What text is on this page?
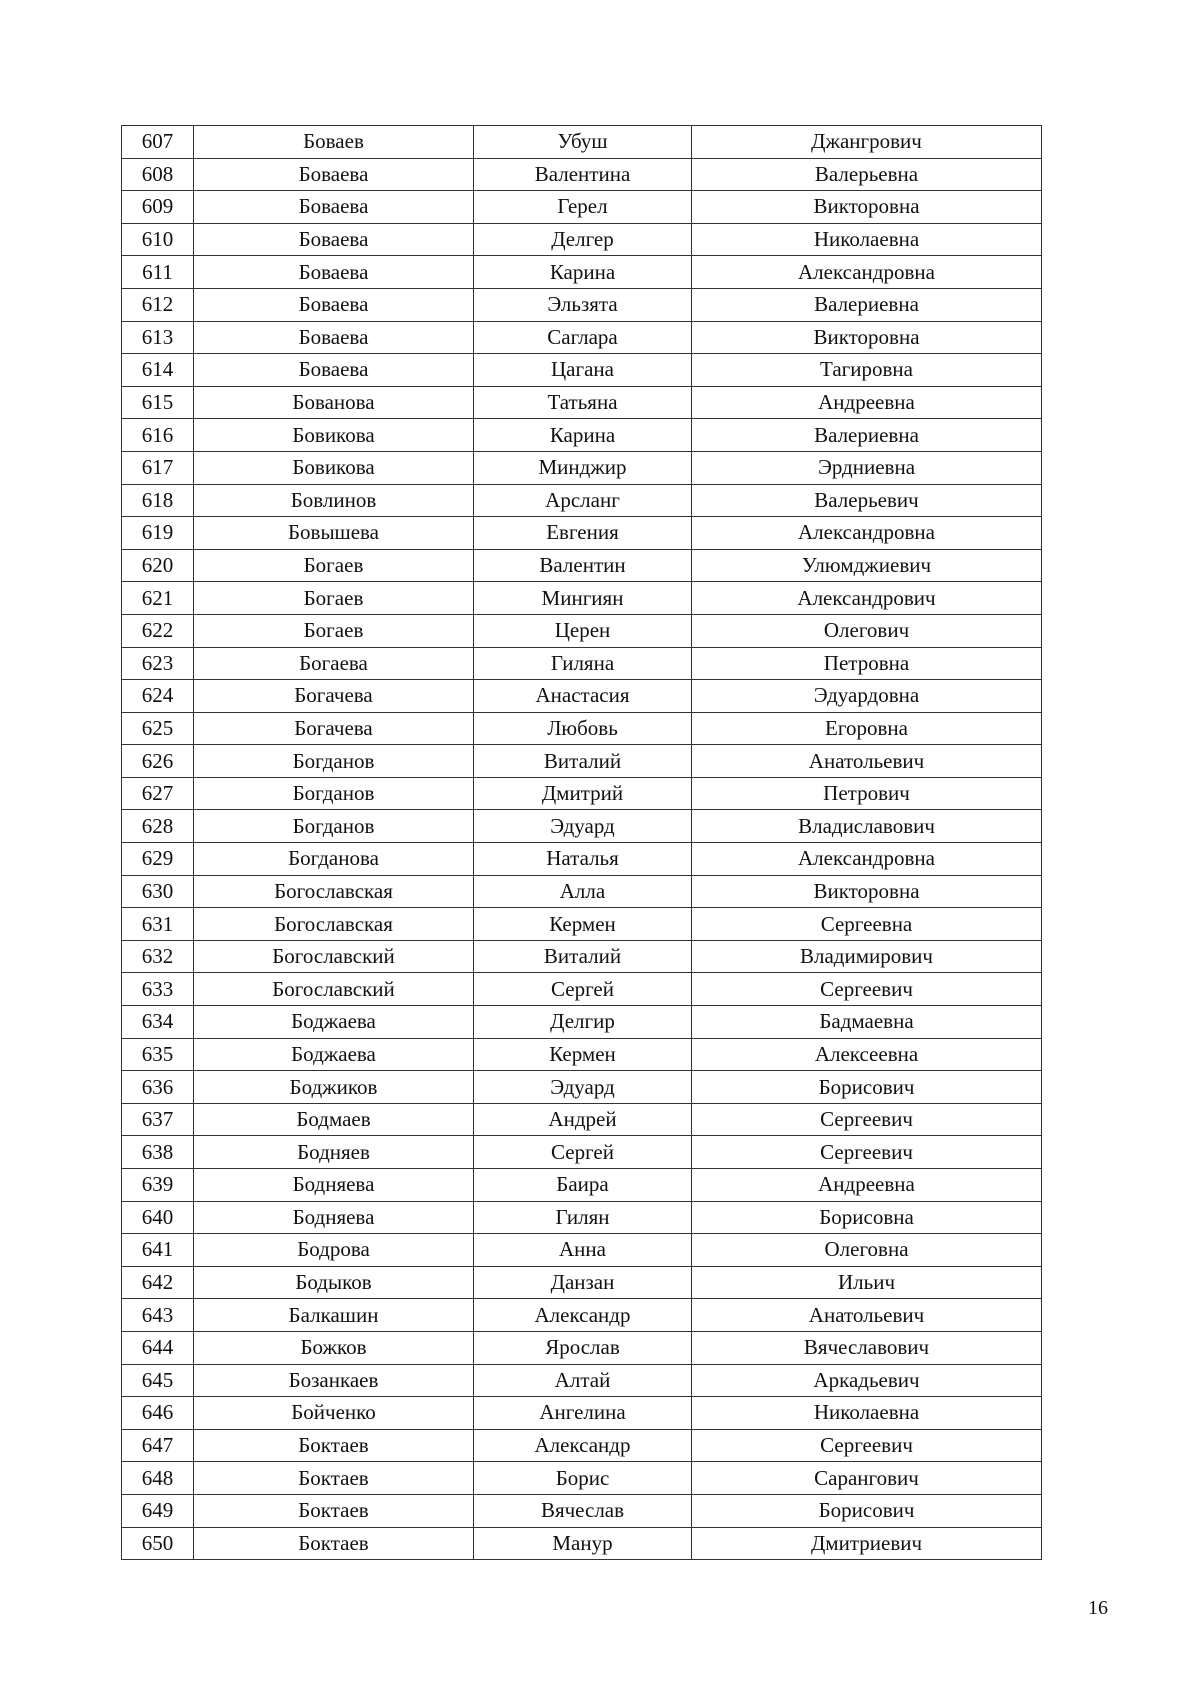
607	Боваев	Убуш	Джангрович
608	Боваева	Валентина	Валерьевна
609	Боваева	Герел	Викторовна
610	Боваева	Делгер	Николаевна
611	Боваева	Карина	Александровна
612	Боваева	Эльзята	Валериевна
613	Боваева	Саглара	Викторовна
614	Боваева	Цагана	Тагировна
615	Бованова	Татьяна	Андреевна
616	Бовикова	Карина	Валериевна
617	Бовикова	Минджир	Эрдниевна
618	Бовлинов	Арсланг	Валерьевич
619	Бовышева	Евгения	Александровна
620	Богаев	Валентин	Улюмджиевич
621	Богаев	Мингиян	Александрович
622	Богаев	Церен	Олегович
623	Богаева	Гиляна	Петровна
624	Богачева	Анастасия	Эдуардовна
625	Богачева	Любовь	Егоровна
626	Богданов	Виталий	Анатольевич
627	Богданов	Дмитрий	Петрович
628	Богданов	Эдуард	Владиславович
629	Богданова	Наталья	Александровна
630	Богославская	Алла	Викторовна
631	Богославская	Кермен	Сергеевна
632	Богославский	Виталий	Владимирович
633	Богославский	Сергей	Сергеевич
634	Боджаева	Делгир	Бадмаевна
635	Боджаева	Кермен	Алексеевна
636	Боджиков	Эдуард	Борисович
637	Бодмаев	Андрей	Сергеевич
638	Бодняев	Сергей	Сергеевич
639	Бодняева	Баира	Андреевна
640	Бодняева	Гилян	Борисовна
641	Бодрова	Анна	Олеговна
642	Бодыков	Данзан	Ильич
643	Балкашин	Александр	Анатольевич
644	Божков	Ярослав	Вячеславович
645	Бозанкаев	Алтай	Аркадьевич
646	Бойченко	Ангелина	Николаевна
647	Боктаев	Александр	Сергеевич
648	Боктаев	Борис	Сарангович
649	Боктаев	Вячеслав	Борисович
650	Боктаев	Манур	Дмитриевич
16
